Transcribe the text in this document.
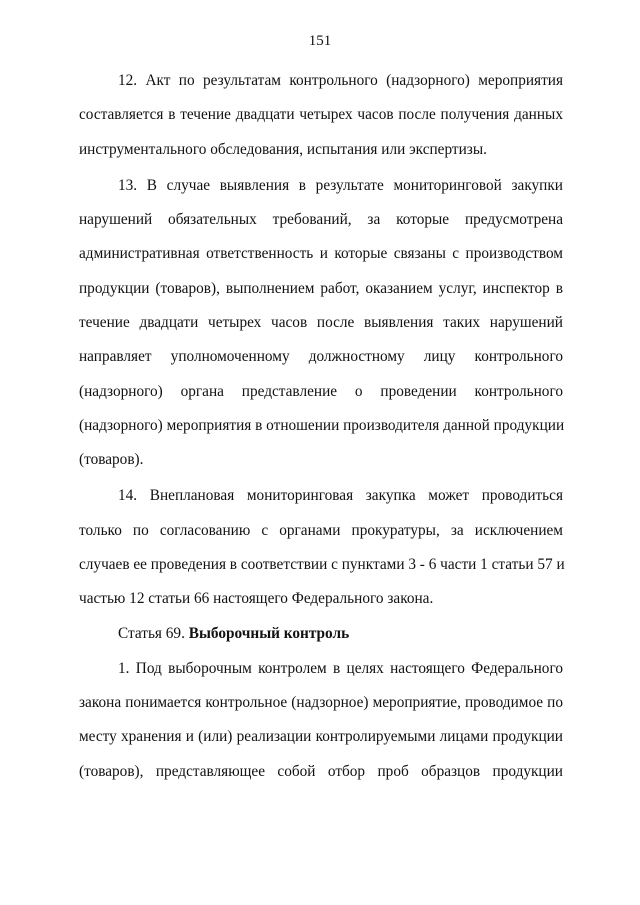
151
12. Акт по результатам контрольного (надзорного) мероприятия
составляется в течение двадцати четырех часов после получения данных
инструментального обследования, испытания или экспертизы.
13. В случае выявления в результате мониторинговой закупки
нарушений обязательных требований, за которые предусмотрена
административная ответственность и которые связаны с производством
продукции (товаров), выполнением работ, оказанием услуг, инспектор в
течение двадцати четырех часов после выявления таких нарушений
направляет уполномоченному должностному лицу контрольного
(надзорного) органа представление о проведении контрольного
(надзорного) мероприятия в отношении производителя данной продукции
(товаров).
14. Внеплановая мониторинговая закупка может проводиться
только по согласованию с органами прокуратуры, за исключением
случаев ее проведения в соответствии с пунктами 3 - 6 части 1 статьи 57 и
частью 12 статьи 66 настоящего Федерального закона.
Статья 69. Выборочный контроль
1. Под выборочным контролем в целях настоящего Федерального
закона понимается контрольное (надзорное) мероприятие, проводимое по
месту хранения и (или) реализации контролируемыми лицами продукции
(товаров), представляющее собой отбор проб образцов продукции
